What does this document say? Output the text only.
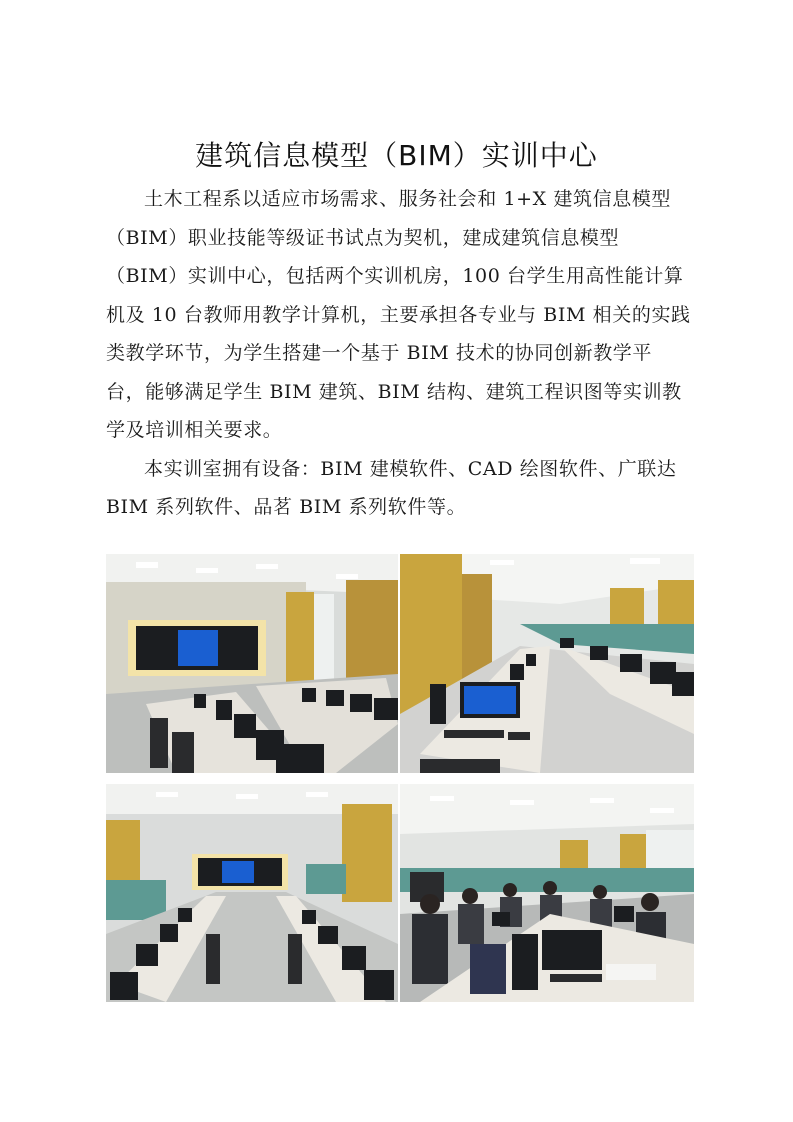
建筑信息模型（BIM）实训中心

土木工程系以适应市场需求、服务社会和 1+X 建筑信息模型（BIM）职业技能等级证书试点为契机，建成建筑信息模型（BIM）实训中心，包括两个实训机房，100 台学生用高性能计算机及 10 台教师用教学计算机，主要承担各专业与 BIM 相关的实践类教学环节，为学生搭建一个基于 BIM 技术的协同创新教学平台，能够满足学生 BIM 建筑、BIM 结构、建筑工程识图等实训教学及培训相关要求。

本实训室拥有设备：BIM 建模软件、CAD 绘图软件、广联达 BIM 系列软件、品茗 BIM 系列软件等。
